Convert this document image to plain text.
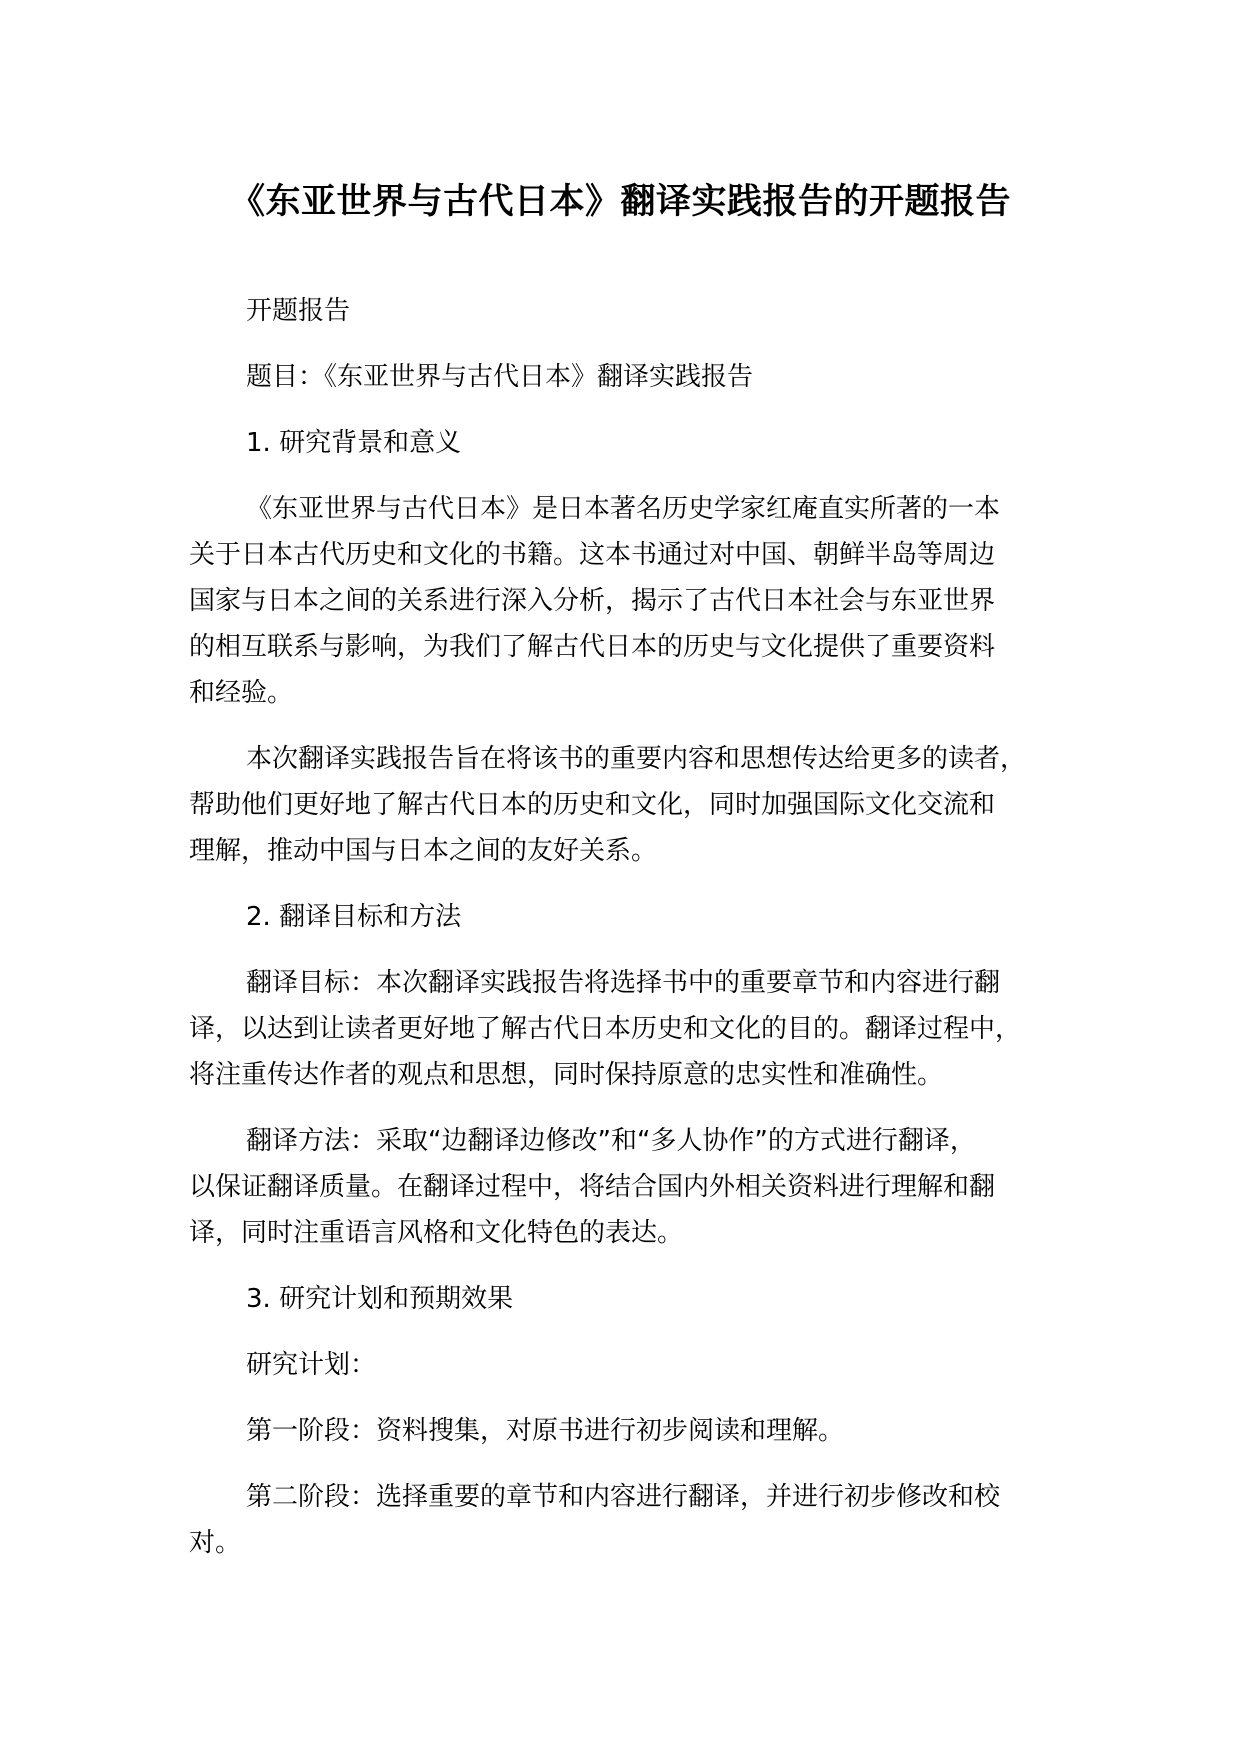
《东亚世界与古代日本》翻译实践报告的开题报告

开题报告

题目：《东亚世界与古代日本》翻译实践报告

1. 研究背景和意义

《东亚世界与古代日本》是日本著名历史学家红庵直实所著的一本
关于日本古代历史和文化的书籍。这本书通过对中国、朝鲜半岛等周边
国家与日本之间的关系进行深入分析，揭示了古代日本社会与东亚世界
的相互联系与影响，为我们了解古代日本的历史与文化提供了重要资料
和经验。

本次翻译实践报告旨在将该书的重要内容和思想传达给更多的读者，
帮助他们更好地了解古代日本的历史和文化，同时加强国际文化交流和
理解，推动中国与日本之间的友好关系。

2. 翻译目标和方法

翻译目标：本次翻译实践报告将选择书中的重要章节和内容进行翻
译，以达到让读者更好地了解古代日本历史和文化的目的。翻译过程中，
将注重传达作者的观点和思想，同时保持原意的忠实性和准确性。

翻译方法：采取“边翻译边修改”和“多人协作”的方式进行翻译，
以保证翻译质量。在翻译过程中，将结合国内外相关资料进行理解和翻
译，同时注重语言风格和文化特色的表达。

3. 研究计划和预期效果

研究计划：

第一阶段：资料搜集，对原书进行初步阅读和理解。

第二阶段：选择重要的章节和内容进行翻译，并进行初步修改和校
对。
